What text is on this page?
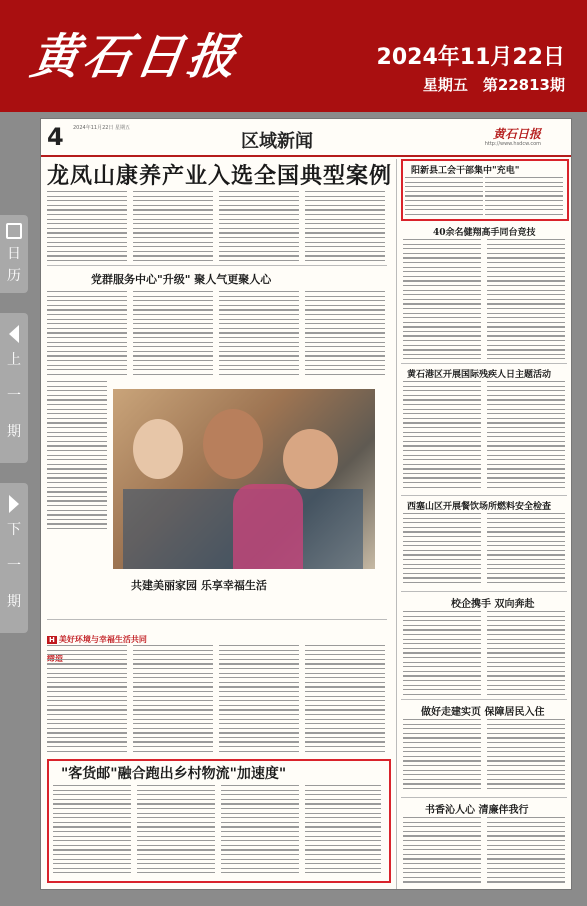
黄石日报	2024年11月22日
星期五　第22813期
日
历
上
一
期
下
一
期
4 2024年11月22日 星期五
区域新闻	黄石日报
http://www.hsdcw.com
龙凤山康养产业入选全国典型案例
党群服务中心"升级" 聚人气更聚人心
共建美丽家园 乐享幸福生活
H 美好环境与幸福生活共同
"客货邮"融合跑出乡村物流"加速度"
阳新县工会干部集中"充电"
40余名健翔高手同台竞技
黄石港区开展国际残疾人日主题活动
西塞山区开展餐饮场所燃料安全检查
校企携手 双向奔赴
做好走建实页 保障居民入住
书香沁人心 清廉伴我行
